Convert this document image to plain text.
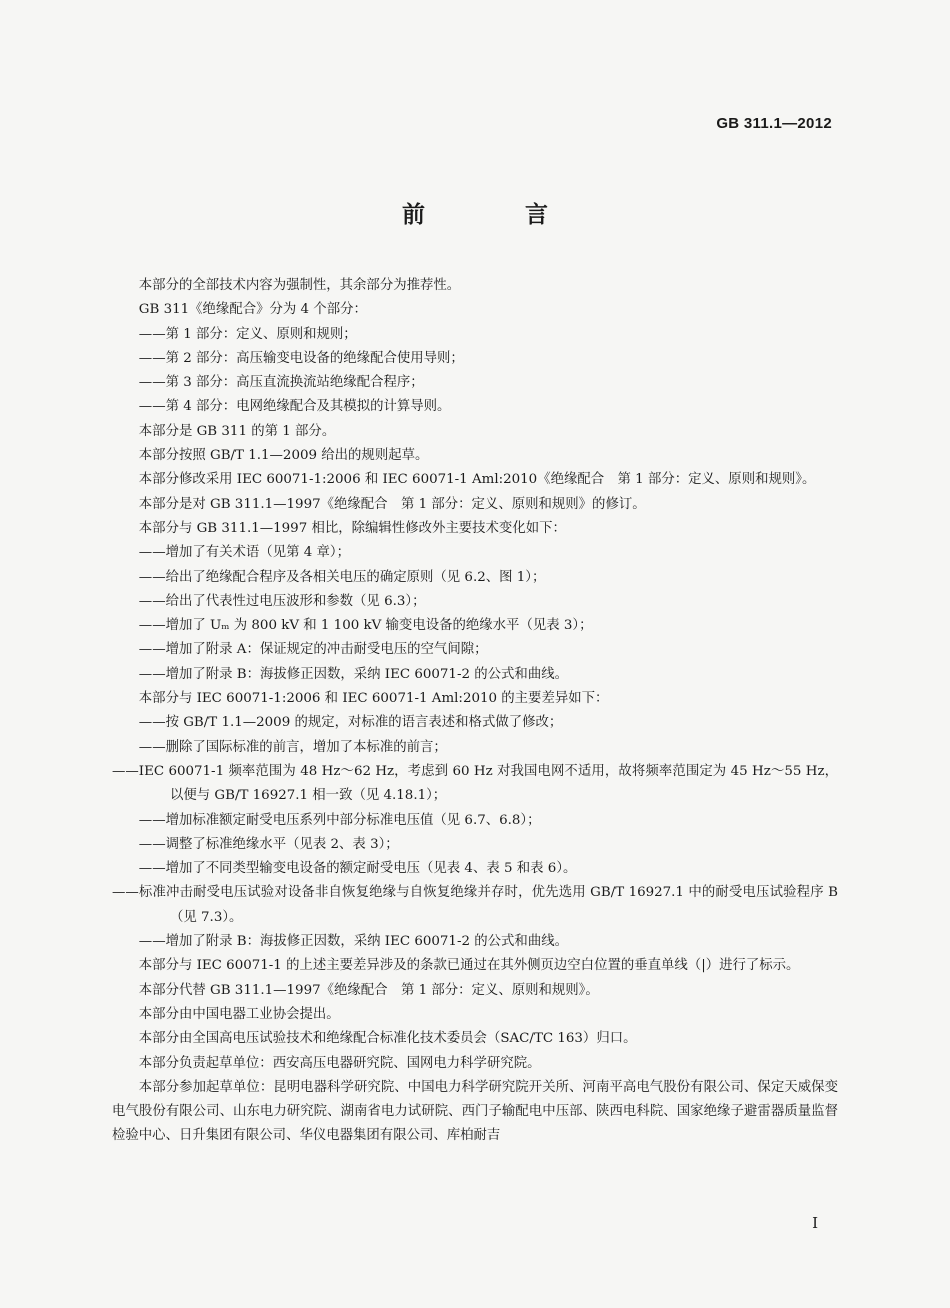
GB 311.1—2012
前 言
本部分的全部技术内容为强制性，其余部分为推荐性。
GB 311《绝缘配合》分为 4 个部分：
——第 1 部分：定义、原则和规则；
——第 2 部分：高压输变电设备的绝缘配合使用导则；
——第 3 部分：高压直流换流站绝缘配合程序；
——第 4 部分：电网绝缘配合及其模拟的计算导则。
本部分是 GB 311 的第 1 部分。
本部分按照 GB/T 1.1—2009 给出的规则起草。
本部分修改采用 IEC 60071-1:2006 和 IEC 60071-1 Aml:2010《绝缘配合　第 1 部分：定义、原则和规则》。
本部分是对 GB 311.1—1997《绝缘配合　第 1 部分：定义、原则和规则》的修订。
本部分与 GB 311.1—1997 相比，除编辑性修改外主要技术变化如下：
——增加了有关术语（见第 4 章）；
——给出了绝缘配合程序及各相关电压的确定原则（见 6.2、图 1）；
——给出了代表性过电压波形和参数（见 6.3）；
——增加了 Uₘ 为 800 kV 和 1 100 kV 输变电设备的绝缘水平（见表 3）；
——增加了附录 A：保证规定的冲击耐受电压的空气间隙；
——增加了附录 B：海拔修正因数，采纳 IEC 60071-2 的公式和曲线。
本部分与 IEC 60071-1:2006 和 IEC 60071-1 Aml:2010 的主要差异如下：
——按 GB/T 1.1—2009 的规定，对标准的语言表述和格式做了修改；
——删除了国际标准的前言，增加了本标准的前言；
——IEC 60071-1 频率范围为 48 Hz～62 Hz，考虑到 60 Hz 对我国电网不适用，故将频率范围定为 45 Hz～55 Hz，以便与 GB/T 16927.1 相一致（见 4.18.1）；
——增加标准额定耐受电压系列中部分标准电压值（见 6.7、6.8）；
——调整了标准绝缘水平（见表 2、表 3）；
——增加了不同类型输变电设备的额定耐受电压（见表 4、表 5 和表 6）。
——标准冲击耐受电压试验对设备非自恢复绝缘与自恢复绝缘并存时，优先选用 GB/T 16927.1 中的耐受电压试验程序 B（见 7.3）。
——增加了附录 B：海拔修正因数，采纳 IEC 60071-2 的公式和曲线。
本部分与 IEC 60071-1 的上述主要差异涉及的条款已通过在其外侧页边空白位置的垂直单线（|）进行了标示。
本部分代替 GB 311.1—1997《绝缘配合　第 1 部分：定义、原则和规则》。
本部分由中国电器工业协会提出。
本部分由全国高电压试验技术和绝缘配合标准化技术委员会（SAC/TC 163）归口。
本部分负责起草单位：西安高压电器研究院、国网电力科学研究院。
本部分参加起草单位：昆明电器科学研究院、中国电力科学研究院开关所、河南平高电气股份有限公司、保定天威保变电气股份有限公司、山东电力研究院、湖南省电力试研院、西门子输配电中压部、陕西电科院、国家绝缘子避雷器质量监督检验中心、日升集团有限公司、华仪电器集团有限公司、库柏耐吉
I
